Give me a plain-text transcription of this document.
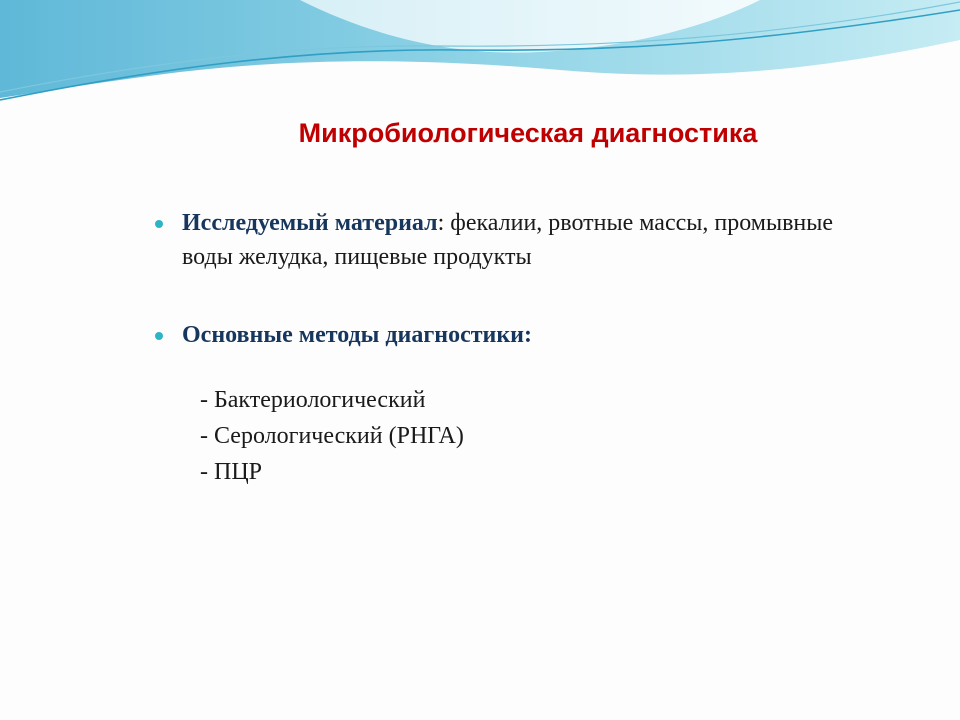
Микробиологическая диагностика
Исследуемый материал: фекалии, рвотные массы, промывные воды желудка, пищевые продукты
Основные методы диагностики:
- Бактериологический
- Серологический (РНГА)
- ПЦР
